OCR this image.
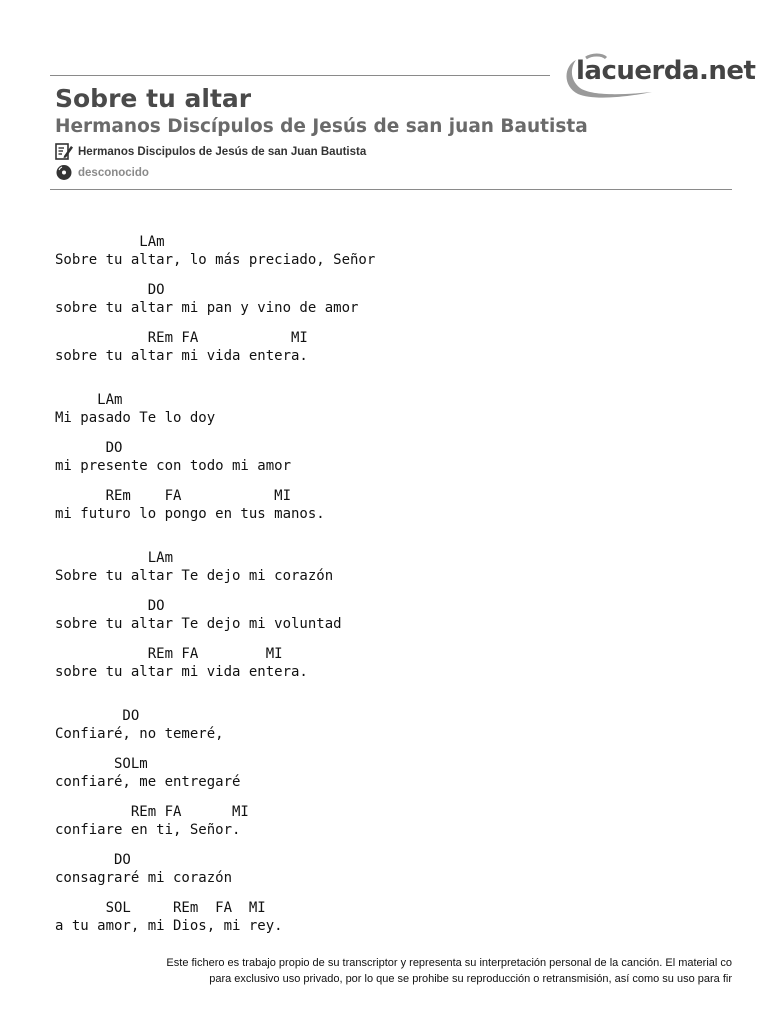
lacuerda.net
Sobre tu altar
Hermanos Discípulos de Jesús de san juan Bautista
Hermanos Discipulos de Jesús de san Juan Bautista
desconocido
LAm
Sobre tu altar, lo más preciado, Señor
DO
sobre tu altar mi pan y vino de amor
REm FA           MI
sobre tu altar mi vida entera.
LAm
Mi pasado Te lo doy
DO
mi presente con todo mi amor
REm    FA           MI
mi futuro lo pongo en tus manos.
LAm
Sobre tu altar Te dejo mi corazón
DO
sobre tu altar Te dejo mi voluntad
REm FA        MI
sobre tu altar mi vida entera.
DO
Confiaré, no temeré,
SOLm
confiaré, me entregaré
REm FA      MI
confiare en ti, Señor.
DO
consagraré mi corazón
SOL     REm  FA  MI
a tu amor, mi Dios, mi rey.
Este fichero es trabajo propio de su transcriptor y representa su interpretación personal de la canción. El material co
para exclusivo uso privado, por lo que se prohibe su reproducción o retransmisión, así como su uso para fir
